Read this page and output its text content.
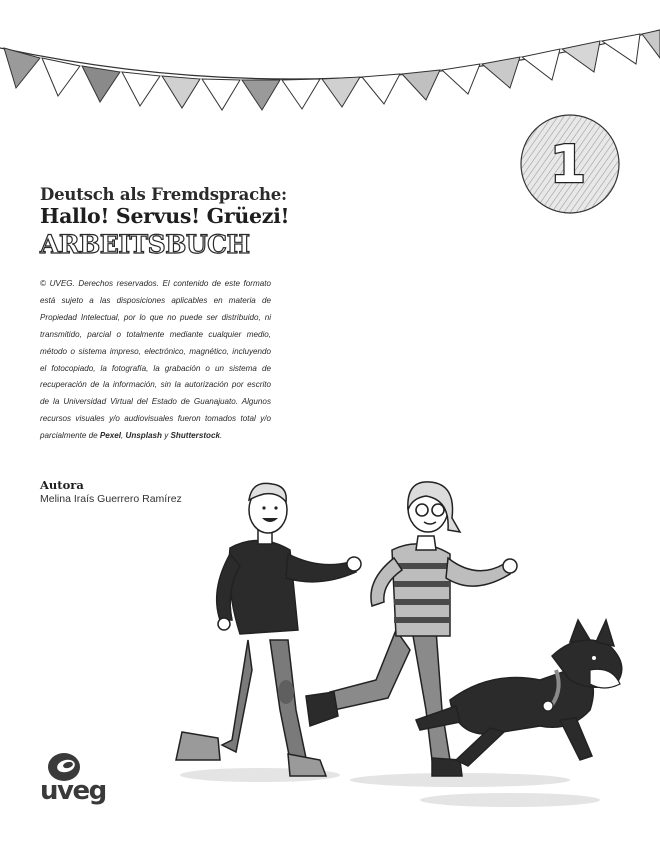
1
Deutsch als Fremdsprache:
Hallo! Servus! Grüezi!
ARBEITSBUCH

© UVEG. Derechos reservados. El contenido de este formato está sujeto a las disposiciones aplicables en materia de Propiedad Intelectual, por lo que no puede ser distribuido, ni transmitido, parcial o totalmente mediante cualquier medio, método o sistema impreso, electrónico, magnético, incluyendo el fotocopiado, la fotografía, la grabación o un sistema de recuperación de la información, sin la autorización por escrito de la Universidad Virtual del Estado de Guanajuato. Algunos recursos visuales y/o audiovisuales fueron tomados total y/o parcialmente de Pexel, Unsplash y Shutterstock.

Autora
Melina Iraís Guerrero Ramírez
uveg
